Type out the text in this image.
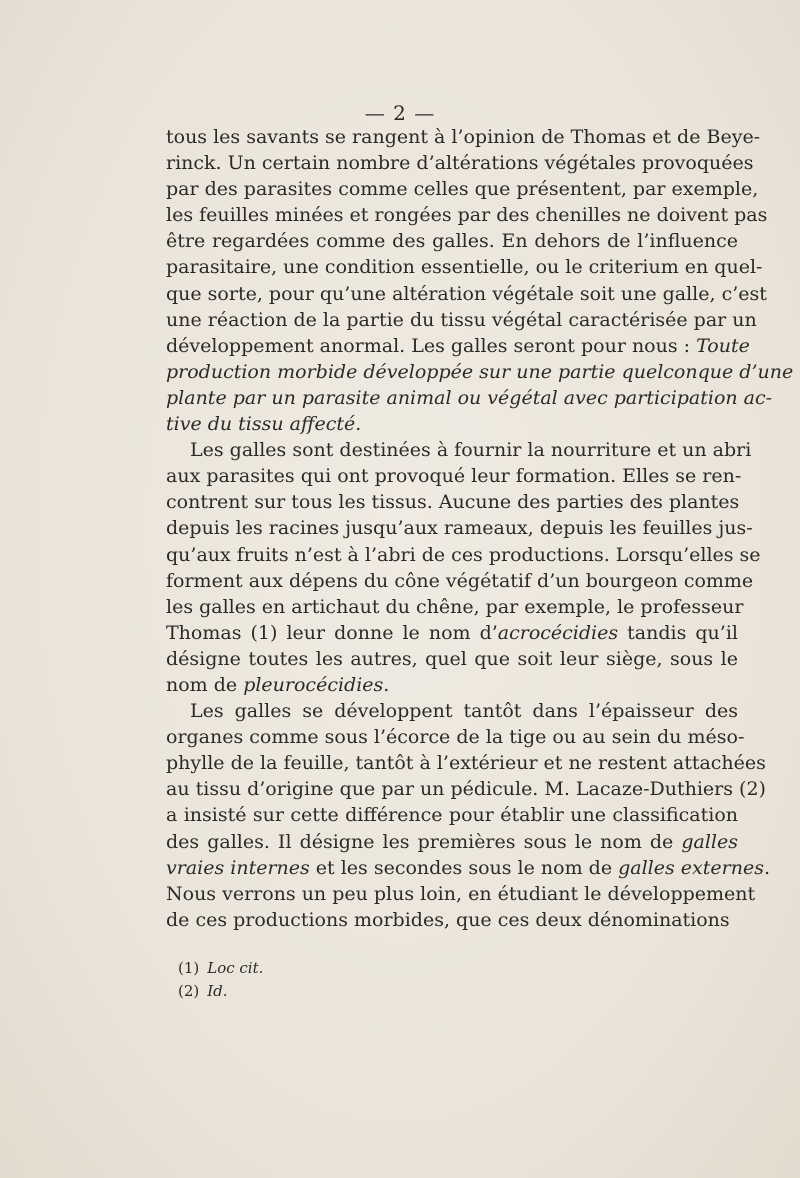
— 2 —
tous les savants se rangent à l’opinion de Thomas et de Beye-
rinck. Un certain nombre d’altérations végétales provoquées
par des parasites comme celles que présentent, par exemple,
les feuilles minées et rongées par des chenilles ne doivent pas
être regardées comme des galles. En dehors de l’influence
parasitaire, une condition essentielle, ou le criterium en quel-
que sorte, pour qu’une altération végétale soit une galle, c’est
une réaction de la partie du tissu végétal caractérisée par un
développement anormal. Les galles seront pour nous : Toute
production morbide développée sur une partie quelconque d’une
plante par un parasite animal ou végétal avec participation ac-
tive du tissu affecté.
Les galles sont destinées à fournir la nourriture et un abri
aux parasites qui ont provoqué leur formation. Elles se ren-
contrent sur tous les tissus. Aucune des parties des plantes
depuis les racines jusqu’aux rameaux, depuis les feuilles jus-
qu’aux fruits n’est à l’abri de ces productions. Lorsqu’elles se
forment aux dépens du cône végétatif d’un bourgeon comme
les galles en artichaut du chêne, par exemple, le professeur
Thomas (1) leur donne le nom d’acrocécidies tandis qu’il
désigne toutes les autres, quel que soit leur siège, sous le
nom de pleurocécidies.
Les galles se développent tantôt dans l’épaisseur des
organes comme sous l’écorce de la tige ou au sein du méso-
phylle de la feuille, tantôt à l’extérieur et ne restent attachées
au tissu d’origine que par un pédicule. M. Lacaze-Duthiers (2)
a insisté sur cette différence pour établir une classification
des galles. Il désigne les premières sous le nom de galles
vraies internes et les secondes sous le nom de galles externes.
Nous verrons un peu plus loin, en étudiant le développement
de ces productions morbides, que ces deux dénominations
(1) Loc cit.
(2) Id.
